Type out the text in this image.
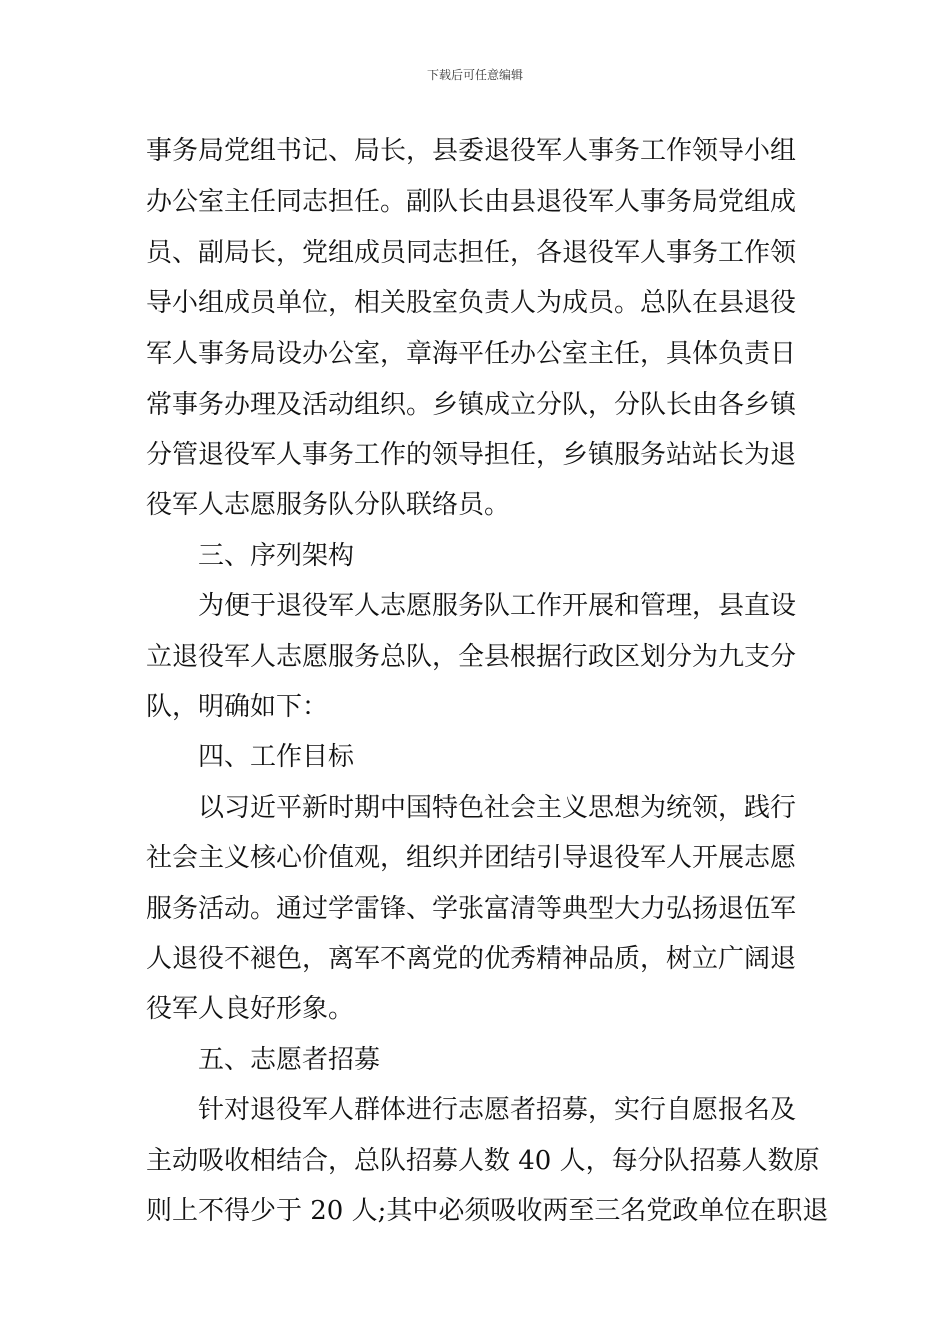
下载后可任意编辑
事务局党组书记、局长，县委退役军人事务工作领导小组
办公室主任同志担任。副队长由县退役军人事务局党组成
员、副局长，党组成员同志担任，各退役军人事务工作领
导小组成员单位，相关股室负责人为成员。总队在县退役
军人事务局设办公室，章海平任办公室主任，具体负责日
常事务办理及活动组织。乡镇成立分队，分队长由各乡镇
分管退役军人事务工作的领导担任，乡镇服务站站长为退
役军人志愿服务队分队联络员。
三、序列架构
为便于退役军人志愿服务队工作开展和管理，县直设
立退役军人志愿服务总队，全县根据行政区划分为九支分
队，明确如下：
四、工作目标
以习近平新时期中国特色社会主义思想为统领，践行
社会主义核心价值观，组织并团结引导退役军人开展志愿
服务活动。通过学雷锋、学张富清等典型大力弘扬退伍军
人退役不褪色，离军不离党的优秀精神品质，树立广阔退
役军人良好形象。
五、志愿者招募
针对退役军人群体进行志愿者招募，实行自愿报名及
主动吸收相结合，总队招募人数 40 人，每分队招募人数原
则上不得少于 20 人;其中必须吸收两至三名党政单位在职退
